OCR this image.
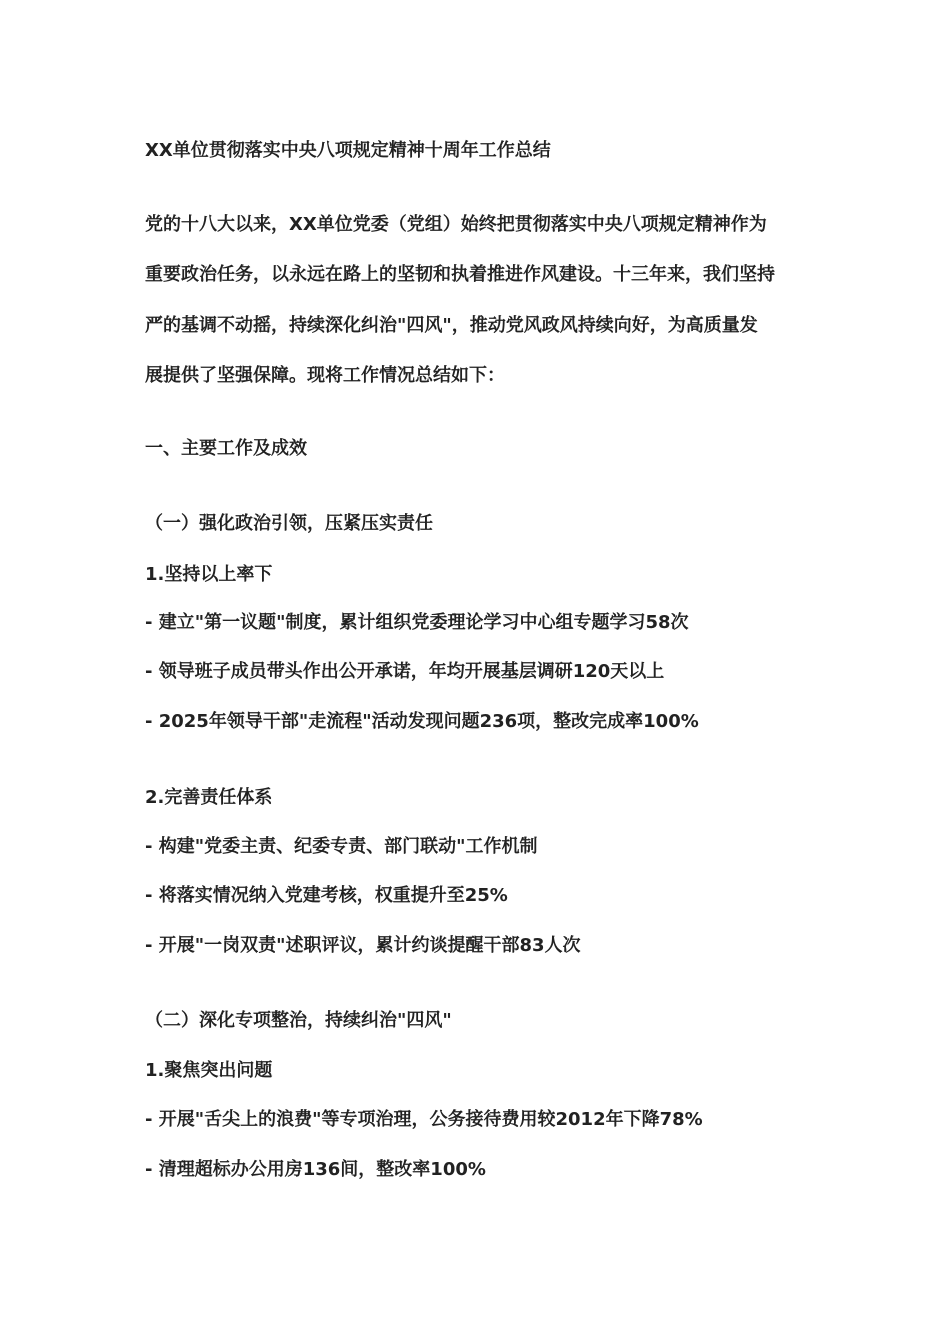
XX单位贯彻落实中央八项规定精神十周年工作总结
党的十八大以来，XX单位党委（党组）始终把贯彻落实中央八项规定精神作为
重要政治任务，以永远在路上的坚韧和执着推进作风建设。十三年来，我们坚持
严的基调不动摇，持续深化纠治"四风"，推动党风政风持续向好，为高质量发
展提供了坚强保障。现将工作情况总结如下：
一、主要工作及成效
（一）强化政治引领，压紧压实责任
1.坚持以上率下
- 建立"第一议题"制度，累计组织党委理论学习中心组专题学习58次
- 领导班子成员带头作出公开承诺，年均开展基层调研120天以上
- 2025年领导干部"走流程"活动发现问题236项，整改完成率100%
2.完善责任体系
- 构建"党委主责、纪委专责、部门联动"工作机制
- 将落实情况纳入党建考核，权重提升至25%
- 开展"一岗双责"述职评议，累计约谈提醒干部83人次
（二）深化专项整治，持续纠治"四风"
1.聚焦突出问题
- 开展"舌尖上的浪费"等专项治理，公务接待费用较2012年下降78%
- 清理超标办公用房136间，整改率100%
